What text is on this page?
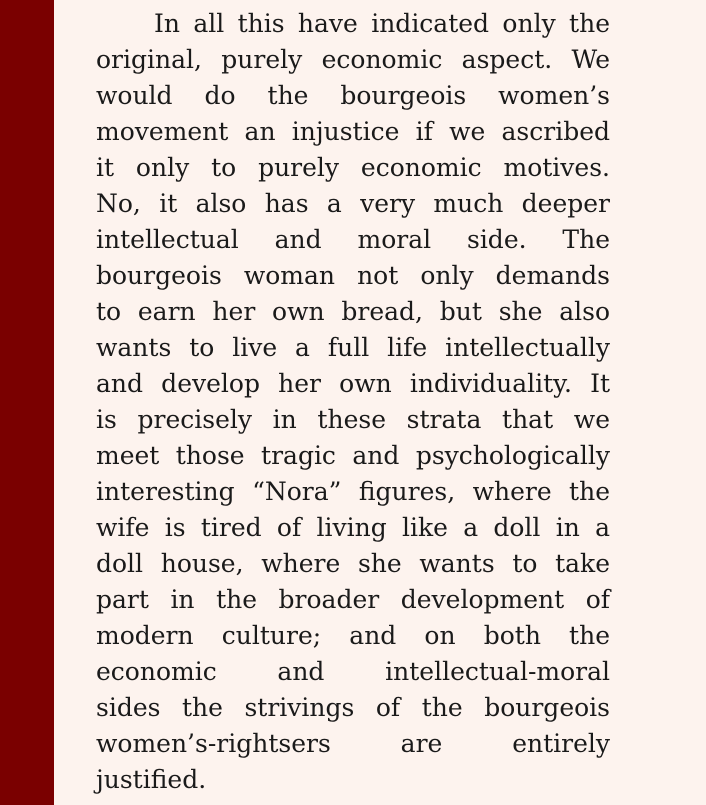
In all this have indicated only the
original, purely economic aspect. We
would do the bourgeois women’s
movement an injustice if we ascribed
it only to purely economic motives.
No, it also has a very much deeper
intellectual and moral side. The
bourgeois woman not only demands
to earn her own bread, but she also
wants to live a full life intellectually
and develop her own individuality. It
is precisely in these strata that we
meet those tragic and psychologically
interesting “Nora” figures, where the
wife is tired of living like a doll in a
doll house, where she wants to take
part in the broader development of
modern culture; and on both the
economic and intellectual-moral
sides the strivings of the bourgeois
women’s-rightsers are entirely
justified.
